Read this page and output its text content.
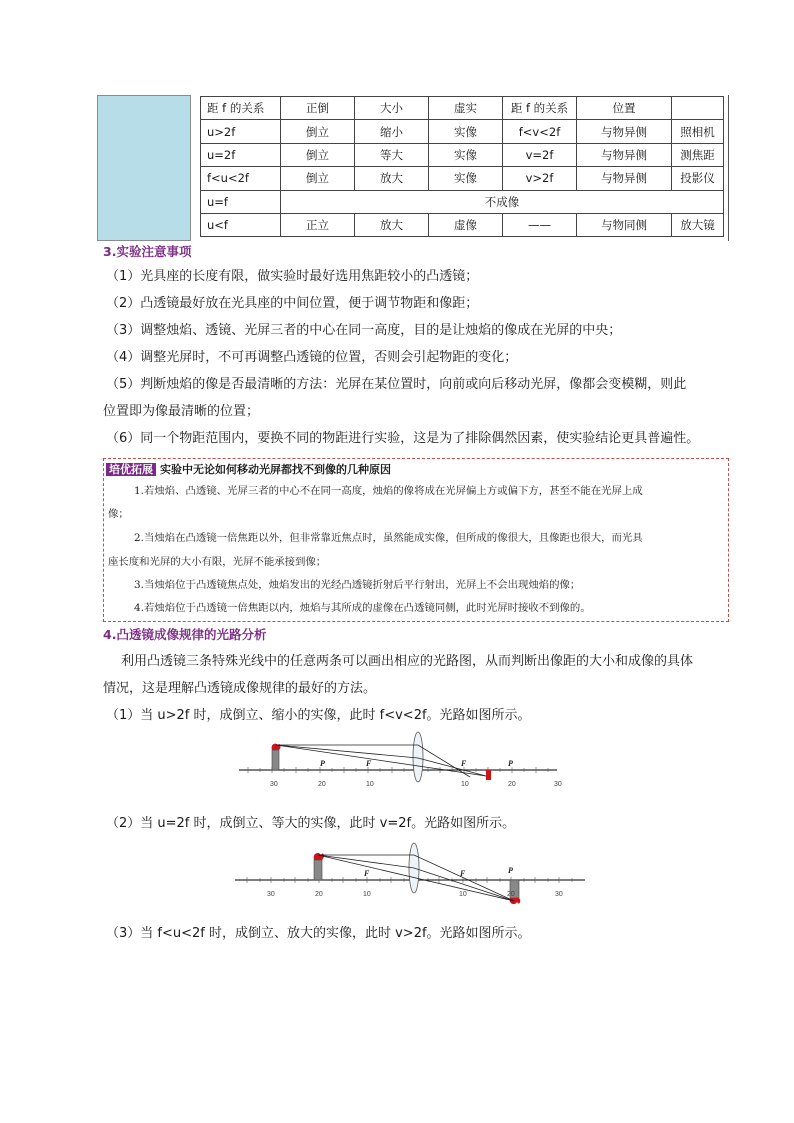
距 f 的关系	正倒	大小	虚实	距 f 的关系	位置	
u>2f	倒立	缩小	实像	f<v<2f	与物异侧	照相机
u=2f	倒立	等大	实像	v=2f	与物异侧	测焦距
f<u<2f	倒立	放大	实像	v>2f	与物异侧	投影仪
u=f	不成像					
u<f	正立	放大	虚像	——	与物同侧	放大镜
3.实验注意事项
（1）光具座的长度有限，做实验时最好选用焦距较小的凸透镜；
（2）凸透镜最好放在光具座的中间位置，便于调节物距和像距；
（3）调整烛焰、透镜、光屏三者的中心在同一高度，目的是让烛焰的像成在光屏的中央；
（4）调整光屏时，不可再调整凸透镜的位置，否则会引起物距的变化；
（5）判断烛焰的像是否最清晰的方法：光屏在某位置时，向前或向后移动光屏，像都会变模糊，则此
位置即为像最清晰的位置；
（6）同一个物距范围内，要换不同的物距进行实验，这是为了排除偶然因素，使实验结论更具普遍性。
培优拓展 实验中无论如何移动光屏都找不到像的几种原因
1.若烛焰、凸透镜、光屏三者的中心不在同一高度，烛焰的像将成在光屏偏上方或偏下方，甚至不能在光屏上成
像；
2.当烛焰在凸透镜一倍焦距以外，但非常靠近焦点时，虽然能成实像，但所成的像很大，且像距也很大，而光具
座长度和光屏的大小有限，光屏不能承接到像；
3.当烛焰位于凸透镜焦点处，烛焰发出的光经凸透镜折射后平行射出，光屏上不会出现烛焰的像；
4.若烛焰位于凸透镜一倍焦距以内，烛焰与其所成的虚像在凸透镜同侧，此时光屏时接收不到像的。
4.凸透镜成像规律的光路分析
利用凸透镜三条特殊光线中的任意两条可以画出相应的光路图，从而判断出像距的大小和成像的具体
情况，这是理解凸透镜成像规律的最好的方法。
（1）当 u>2f 时，成倒立、缩小的实像，此时 f<v<2f。光路如图所示。
P	F	F	P
30	20	10	10	20	30
（2）当 u=2f 时，成倒立、等大的实像，此时 v=2f。光路如图所示。
F	F	P
30	20	10	10	20	30
（3）当 f<u<2f 时，成倒立、放大的实像，此时 v>2f。光路如图所示。
